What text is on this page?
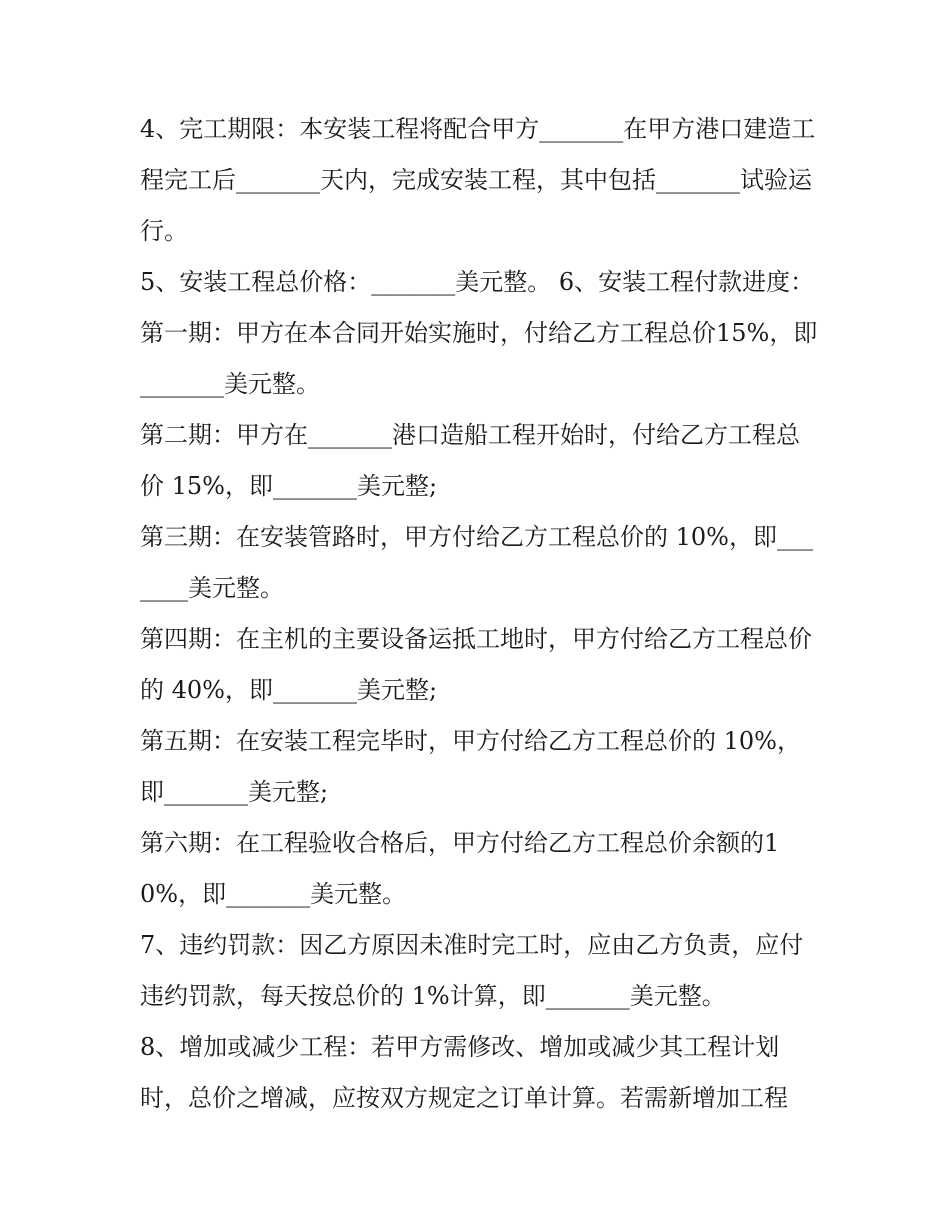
4、完工期限：本安装工程将配合甲方_______在甲方港口建造工程完工后_______天内，完成安装工程，其中包括_______试验运行。

5、安装工程总价格：_______美元整。 6、安装工程付款进度： 第一期：甲方在本合同开始实施时，付给乙方工程总价15%，即_______美元整。

第二期：甲方在_______港口造船工程开始时，付给乙方工程总价 15%，即_______美元整;

第三期：在安装管路时，甲方付给乙方工程总价的 10%，即_______美元整。

第四期：在主机的主要设备运抵工地时，甲方付给乙方工程总价的 40%，即_______美元整;

第五期：在安装工程完毕时，甲方付给乙方工程总价的 10%，即_______美元整;

第六期：在工程验收合格后，甲方付给乙方工程总价余额的10%，即_______美元整。

7、违约罚款：因乙方原因未准时完工时，应由乙方负责，应付违约罚款，每天按总价的 1%计算，即_______美元整。

8、增加或减少工程：若甲方需修改、增加或减少其工程计划时，总价之增减，应按双方规定之订单计算。若需新增加工程
